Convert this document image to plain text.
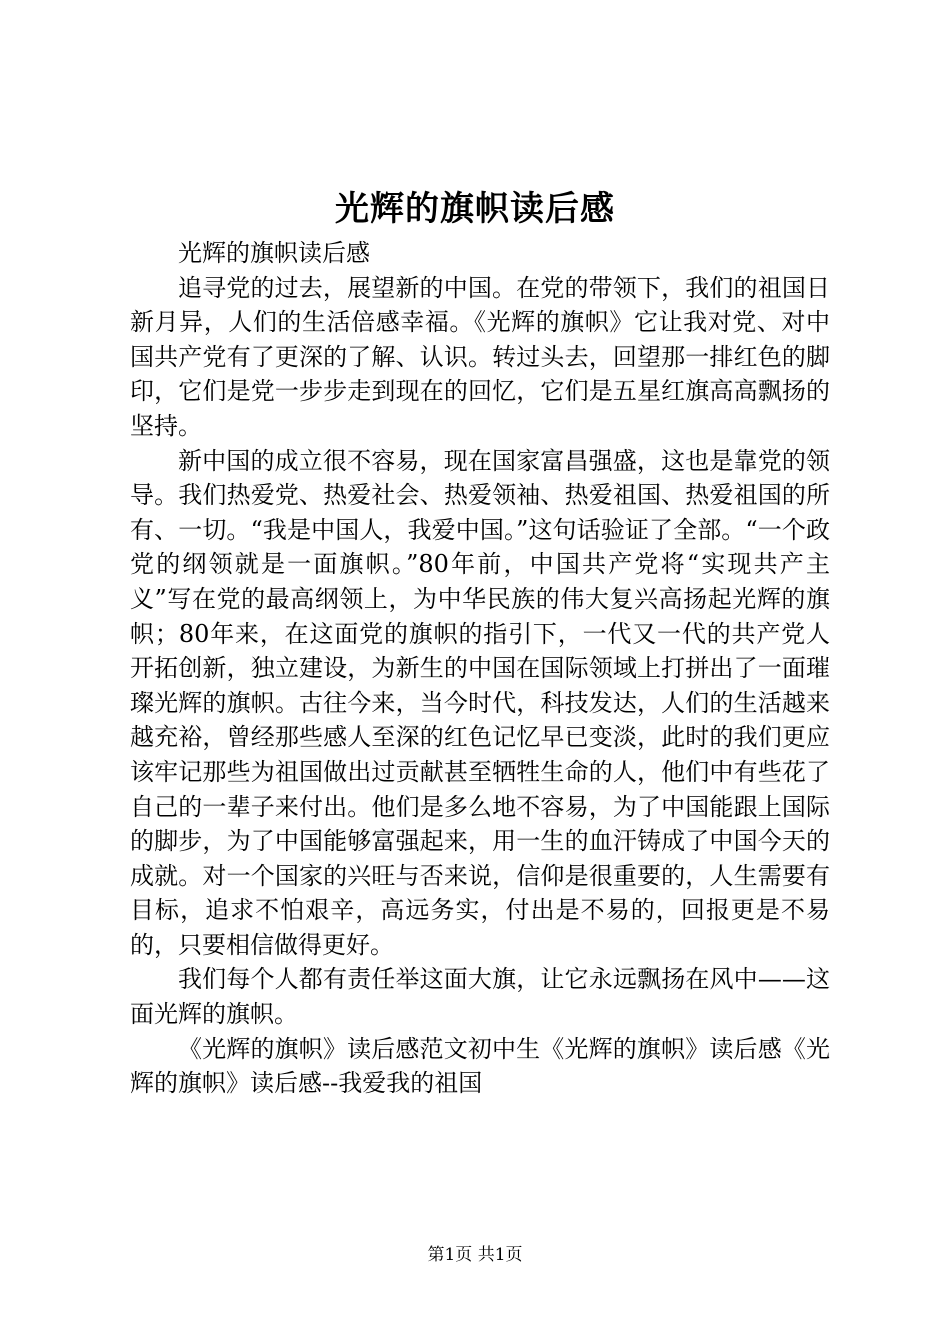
光辉的旗帜读后感

光辉的旗帜读后感

追寻党的过去，展望新的中国。在党的带领下，我们的祖国日新月异，人们的生活倍感幸福。《光辉的旗帜》它让我对党、对中国共产党有了更深的了解、认识。转过头去，回望那一排红色的脚印，它们是党一步步走到现在的回忆，它们是五星红旗高高飘扬的坚持。

新中国的成立很不容易，现在国家富昌强盛，这也是靠党的领导。我们热爱党、热爱社会、热爱领袖、热爱祖国、热爱祖国的所有、一切。“我是中国人，我爱中国。”这句话验证了全部。“一个政党的纲领就是一面旗帜。”80年前，中国共产党将“实现共产主义”写在党的最高纲领上，为中华民族的伟大复兴高扬起光辉的旗帜；80年来，在这面党的旗帜的指引下，一代又一代的共产党人开拓创新，独立建设，为新生的中国在国际领域上打拼出了一面璀璨光辉的旗帜。古往今来，当今时代，科技发达，人们的生活越来越充裕，曾经那些感人至深的红色记忆早已变淡，此时的我们更应该牢记那些为祖国做出过贡献甚至牺牲生命的人，他们中有些花了自己的一辈子来付出。他们是多么地不容易，为了中国能跟上国际的脚步，为了中国能够富强起来，用一生的血汗铸成了中国今天的成就。对一个国家的兴旺与否来说，信仰是很重要的，人生需要有目标，追求不怕艰辛，高远务实，付出是不易的，回报更是不易的，只要相信做得更好。

我们每个人都有责任举这面大旗，让它永远飘扬在风中——这面光辉的旗帜。

《光辉的旗帜》读后感范文初中生《光辉的旗帜》读后感《光辉的旗帜》读后感--我爱我的祖国

第1页 共1页
